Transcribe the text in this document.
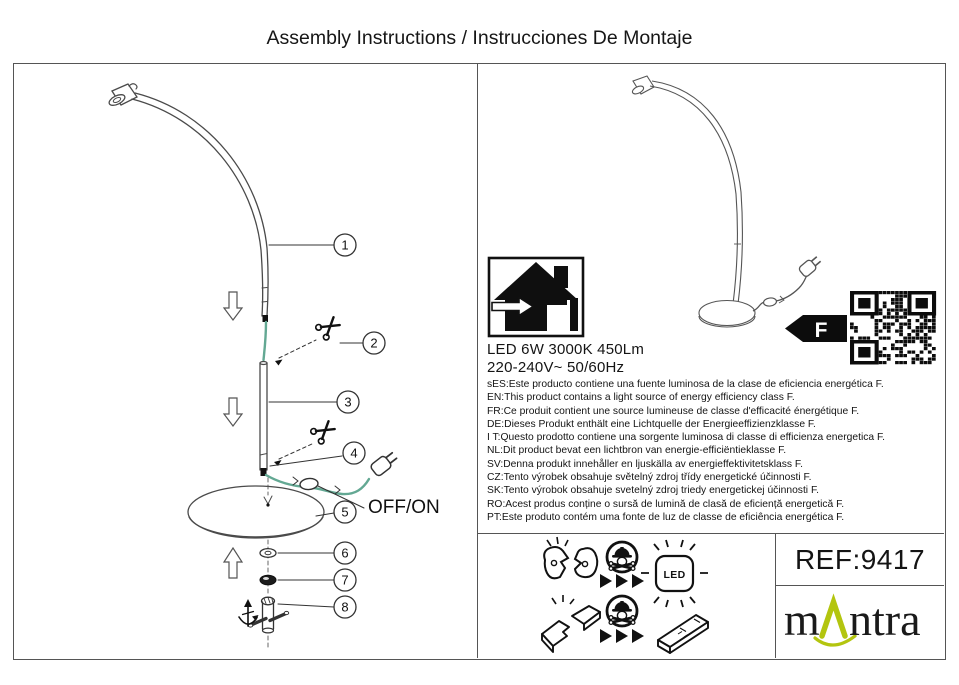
Assembly Instructions / Instrucciones De Montaje
1
2
3
4
OFF/ON
5
6
7
8
F
LED
LED 6W 3000K 450Lm
220-240V~ 50/60Hz
sES:Este producto contiene una fuente luminosa de la clase de eficiencia energética F.
EN:This product contains a light source of energy efficiency class F.
FR:Ce produit contient une source lumineuse de classe d'efficacité énergétique F.
DE:Dieses Produkt enthält eine Lichtquelle der Energieeffizienzklasse F.
I T:Questo prodotto contiene una sorgente luminosa di classe di efficienza energetica F.
NL:Dit product bevat een lichtbron van energie-efficiëntieklasse F.
SV:Denna produkt innehåller en ljuskälla av energieffektivitetsklass F.
CZ:Tento výrobek obsahuje světelný zdroj třídy energetické účinnosti F.
SK:Tento výrobok obsahuje svetelný zdroj triedy energetickej účinnosti F.
RO:Acest produs conține o sursă de lumină de clasă de eficiență energetică F.
PT:Este produto contém uma fonte de luz de classe de eficiência energética F.
REF:9417
m ntra
